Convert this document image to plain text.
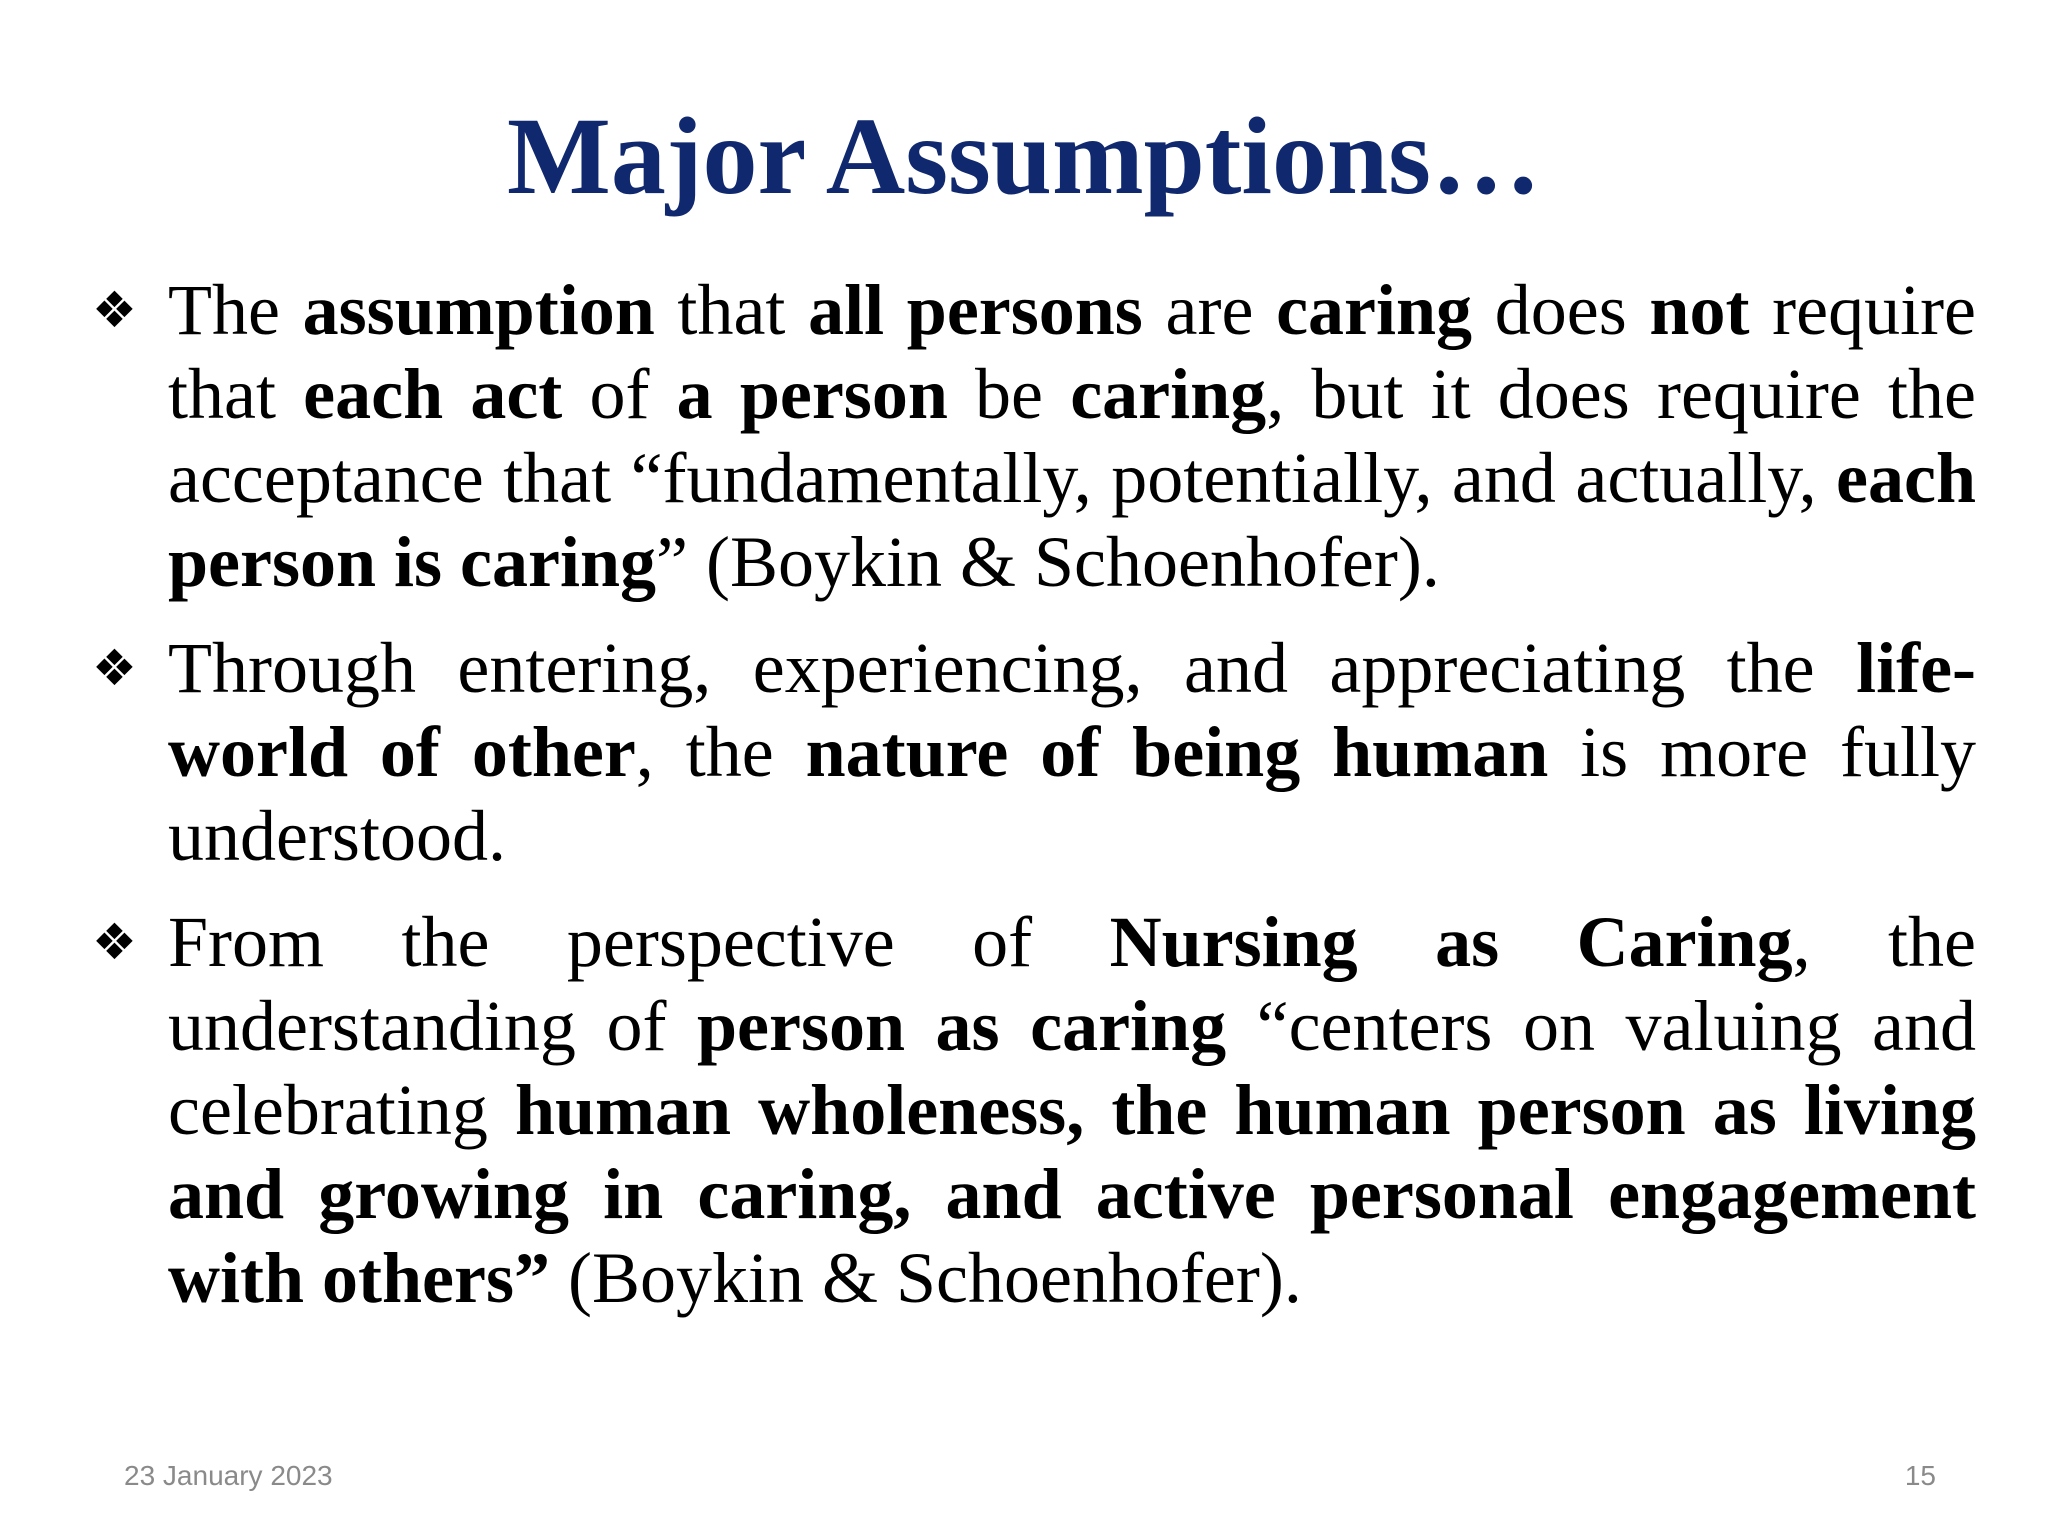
Major Assumptions…
❖ The assumption that all persons are caring does not require that each act of a person be caring, but it does require the acceptance that “fundamentally, potentially, and actually, each person is caring” (Boykin & Schoenhofer).
❖ Through entering, experiencing, and appreciating the life-world of other, the nature of being human is more fully understood.
❖ From the perspective of Nursing as Caring, the understanding of person as caring “centers on valuing and celebrating human wholeness, the human person as living and growing in caring, and active personal engagement with others” (Boykin & Schoenhofer).
23 January 2023	15
